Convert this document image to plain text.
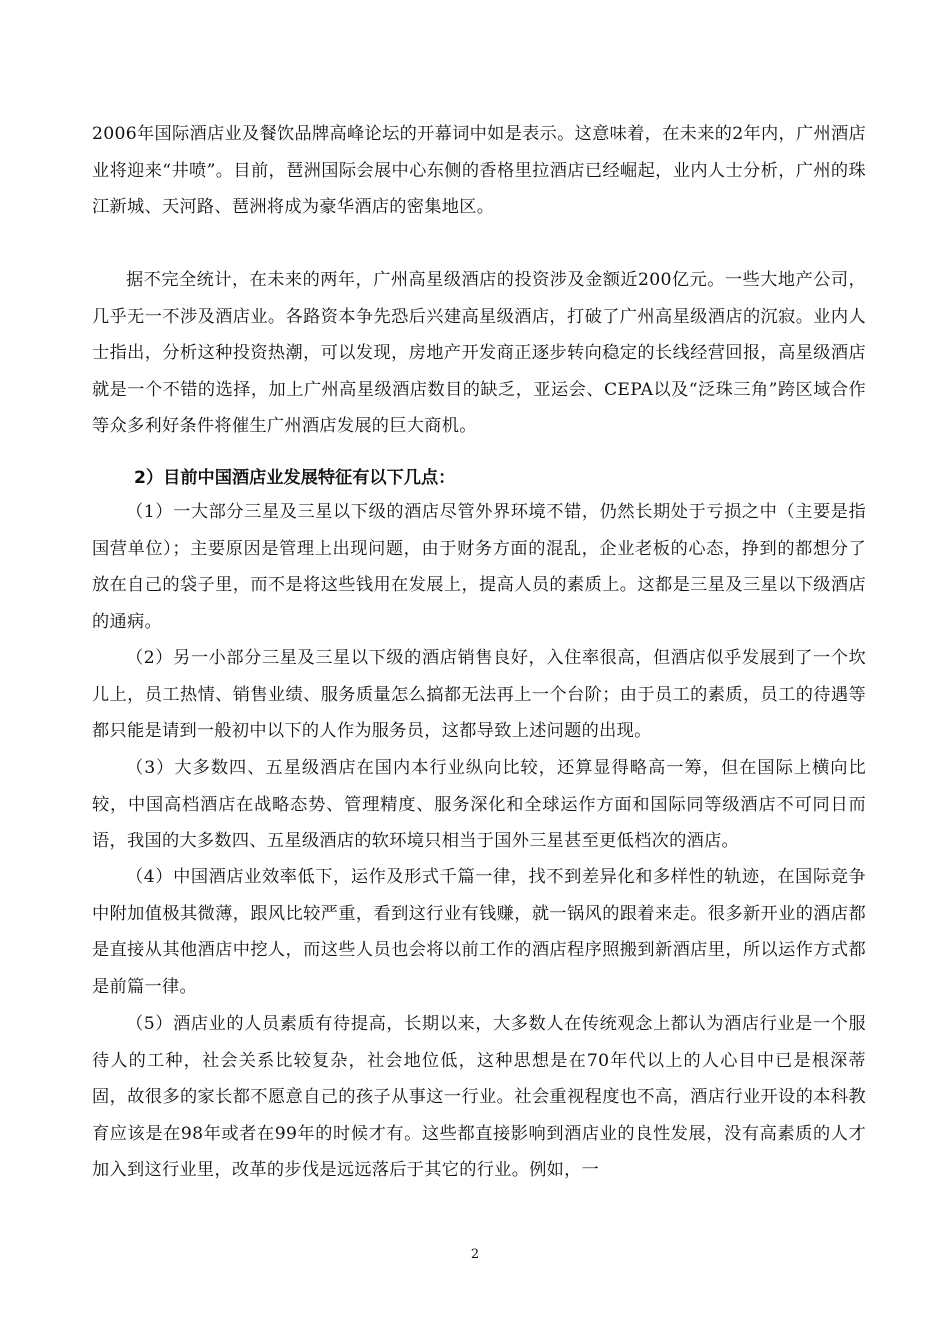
2006年国际酒店业及餐饮品牌高峰论坛的开幕词中如是表示。这意味着，在未来的2年内，广州酒店业将迎来“井喷”。目前，琶洲国际会展中心东侧的香格里拉酒店已经崛起，业内人士分析，广州的珠江新城、天河路、琶洲将成为豪华酒店的密集地区。

据不完全统计，在未来的两年，广州高星级酒店的投资涉及金额近200亿元。一些大地产公司，几乎无一不涉及酒店业。各路资本争先恐后兴建高星级酒店，打破了广州高星级酒店的沉寂。业内人士指出，分析这种投资热潮，可以发现，房地产开发商正逐步转向稳定的长线经营回报，高星级酒店就是一个不错的选择，加上广州高星级酒店数目的缺乏，亚运会、CEPA以及“泛珠三角”跨区域合作等众多利好条件将催生广州酒店发展的巨大商机。

2）目前中国酒店业发展特征有以下几点：

（1）一大部分三星及三星以下级的酒店尽管外界环境不错，仍然长期处于亏损之中（主要是指国营单位）；主要原因是管理上出现问题，由于财务方面的混乱，企业老板的心态，挣到的都想分了放在自己的袋子里，而不是将这些钱用在发展上，提高人员的素质上。这都是三星及三星以下级酒店的通病。

（2）另一小部分三星及三星以下级的酒店销售良好，入住率很高，但酒店似乎发展到了一个坎儿上，员工热情、销售业绩、服务质量怎么搞都无法再上一个台阶；由于员工的素质，员工的待遇等都只能是请到一般初中以下的人作为服务员，这都导致上述问题的出现。

（3）大多数四、五星级酒店在国内本行业纵向比较，还算显得略高一筹，但在国际上横向比较，中国高档酒店在战略态势、管理精度、服务深化和全球运作方面和国际同等级酒店不可同日而语，我国的大多数四、五星级酒店的软环境只相当于国外三星甚至更低档次的酒店。

（4）中国酒店业效率低下，运作及形式千篇一律，找不到差异化和多样性的轨迹，在国际竞争中附加值极其微薄，跟风比较严重，看到这行业有钱赚，就一锅风的跟着来走。很多新开业的酒店都是直接从其他酒店中挖人，而这些人员也会将以前工作的酒店程序照搬到新酒店里，所以运作方式都是前篇一律。

（5）酒店业的人员素质有待提高，长期以来，大多数人在传统观念上都认为酒店行业是一个服待人的工种，社会关系比较复杂，社会地位低，这种思想是在70年代以上的人心目中已是根深蒂固，故很多的家长都不愿意自己的孩子从事这一行业。社会重视程度也不高，酒店行业开设的本科教育应该是在98年或者在99年的时候才有。这些都直接影响到酒店业的良性发展，没有高素质的人才加入到这行业里，改革的步伐是远远落后于其它的行业。例如，一

2
